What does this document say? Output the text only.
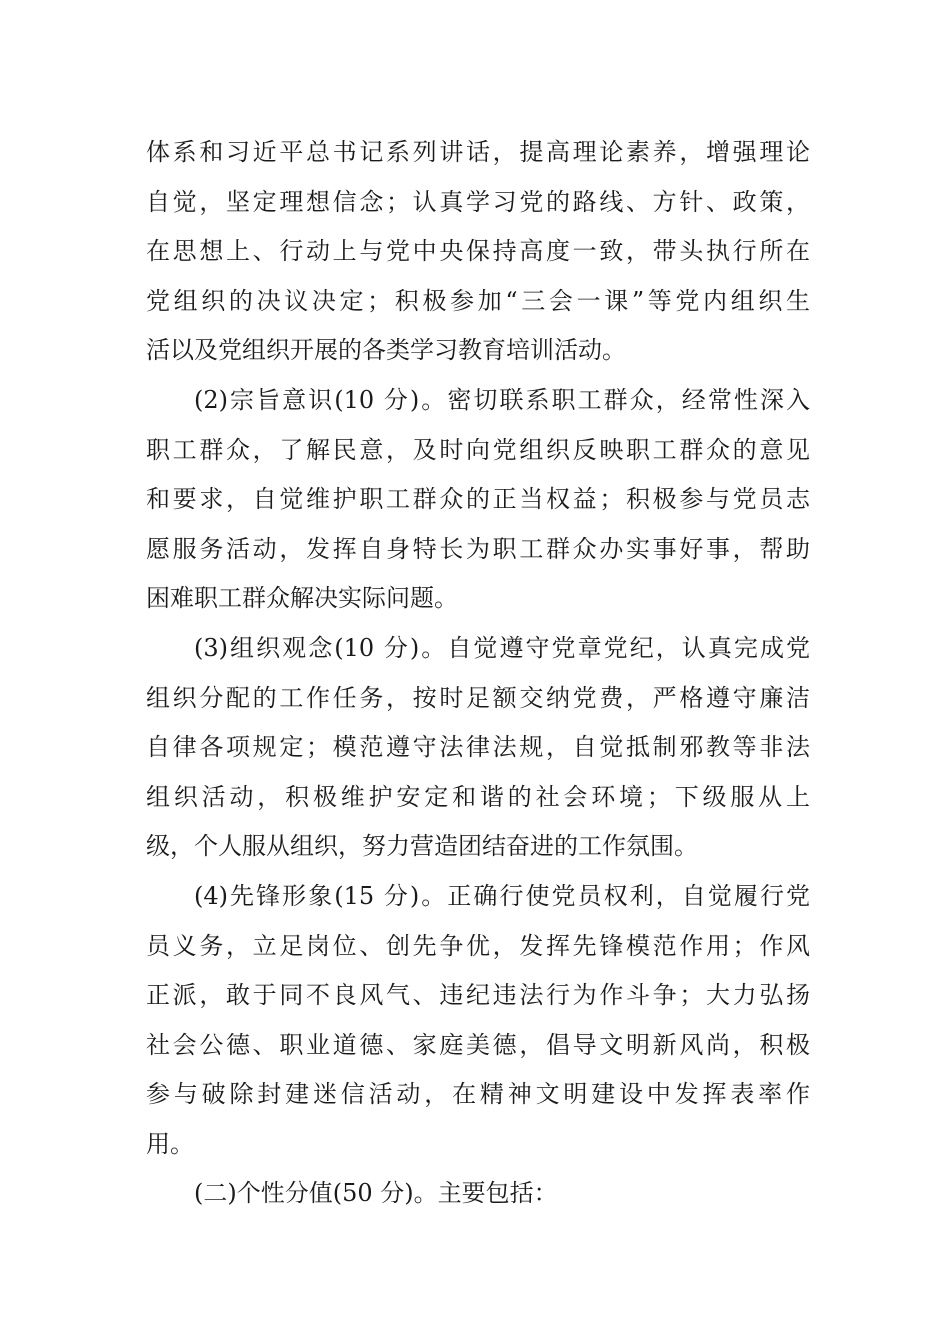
体系和习近平总书记系列讲话，提高理论素养，增强理论
自觉，坚定理想信念；认真学习党的路线、方针、政策，
在思想上、行动上与党中央保持高度一致，带头执行所在
党组织的决议决定；积极参加“三会一课”等党内组织生
活以及党组织开展的各类学习教育培训活动。
(2)宗旨意识(10 分)。密切联系职工群众，经常性深入
职工群众，了解民意，及时向党组织反映职工群众的意见
和要求，自觉维护职工群众的正当权益；积极参与党员志
愿服务活动，发挥自身特长为职工群众办实事好事，帮助
困难职工群众解决实际问题。
(3)组织观念(10 分)。自觉遵守党章党纪，认真完成党
组织分配的工作任务，按时足额交纳党费，严格遵守廉洁
自律各项规定；模范遵守法律法规，自觉抵制邪教等非法
组织活动，积极维护安定和谐的社会环境；下级服从上
级，个人服从组织，努力营造团结奋进的工作氛围。
(4)先锋形象(15 分)。正确行使党员权利，自觉履行党
员义务，立足岗位、创先争优，发挥先锋模范作用；作风
正派，敢于同不良风气、违纪违法行为作斗争；大力弘扬
社会公德、职业道德、家庭美德，倡导文明新风尚，积极
参与破除封建迷信活动，在精神文明建设中发挥表率作
用。
(二)个性分值(50 分)。主要包括：
